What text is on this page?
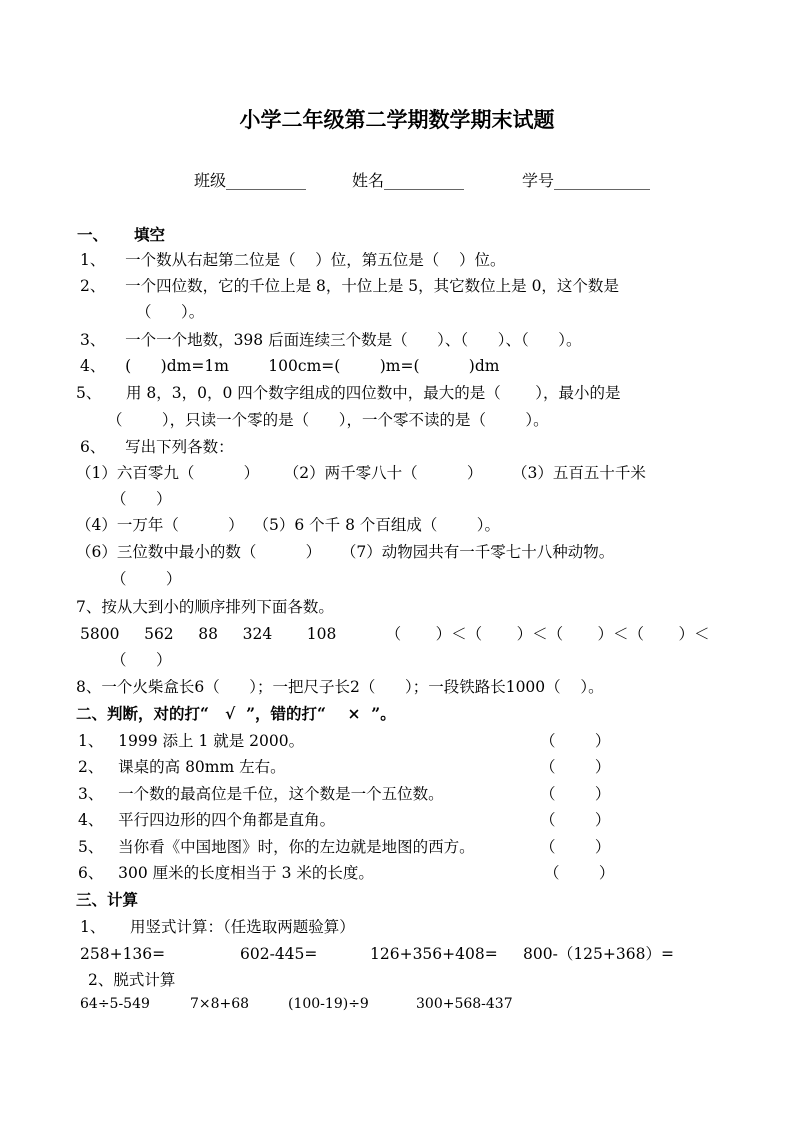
小学二年级第二学期数学期末试题
班级__________	姓名__________	学号____________
一、 填空
1、    一个数从右起第二位是（    ）位，第五位是（    ）位。
2、    一个四位数，它的千位上是 8，十位上是 5，其它数位上是 0，这个数是
（      ）。
3、    一个一个地数，398 后面连续三个数是（      ）、（      ）、（      ）。
4、    (      )dm=1m        100cm=(        )m=(          )dm
5、     用 8，3，0，0 四个数字组成的四位数中，最大的是（       ），最小的是
（        ），只读一个零的是（      ），一个零不读的是（        ）。
6、    写出下列各数：
（1）六百零九（          ）     （2）两千零八十（          ）      （3）五百五十千米
（      ）
（4）一万年（          ）  （5）6 个千 8 个百组成（        ）。
（6）三位数中最小的数（          ）    （7）动物园共有一千零七十八种动物。
（        ）
7、按从大到小的顺序排列下面各数。
5800     562     88     324       108          （       ）＜（       ）＜（       ）＜（       ）＜
（      ）
8、一个火柴盒长6（      ）；一把尺子长2（      ）；一段铁路长1000（    ）。
二、判断，对的打“   √  ”，错的打“    ×  ”。
1、   1999 添上 1 就是 2000。	（        ）
2、   课桌的高 80mm 左右。	（        ）
3、   一个数的最高位是千位，这个数是一个五位数。	（        ）
4、   平行四边形的四个角都是直角。	（        ）
5、   当你看《中国地图》时，你的左边就是地图的西方。	（        ）
6、   300 厘米的长度相当于 3 米的长度。	（        ）
三、计算
1、     用竖式计算：（任选取两题验算）
258+136=	602-445=	126+356+408= 800-（125+368）=
2、脱式计算
64÷5-549	7×8+68	(100-19)÷9	300+568-437
